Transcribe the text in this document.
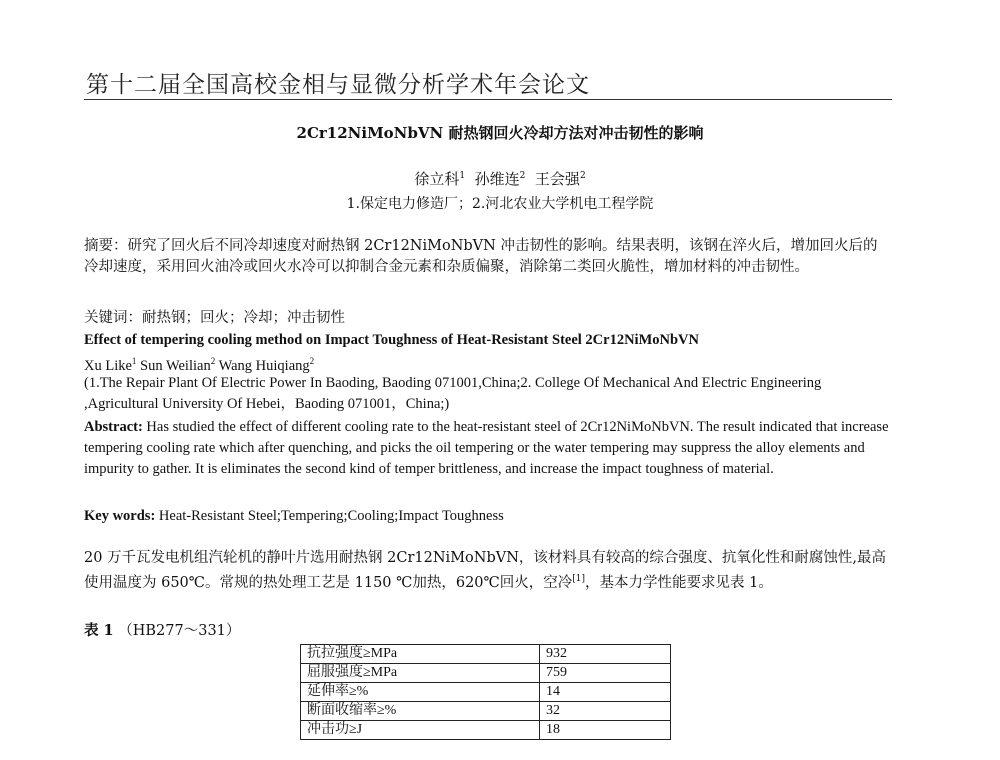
第十二届全国高校金相与显微分析学术年会论文
2Cr12NiMoNbVN 耐热钢回火冷却方法对冲击韧性的影响
徐立科$^1$ 孙维连$^2$ 王会强$^2$
1.保定电力修造厂；2.河北农业大学机电工程学院
摘要：研究了回火后不同冷却速度对耐热钢 2Cr12NiMoNbVN 冲击韧性的影响。结果表明，该钢在淬火后，增加回火后的冷却速度，采用回火油冷或回火水冷可以抑制合金元素和杂质偏聚，消除第二类回火脆性，增加材料的冲击韧性。
关键词：耐热钢；回火；冷却；冲击韧性
Effect of tempering cooling method on Impact Toughness of Heat-Resistant Steel 2Cr12NiMoNbVN
Xu Like$^1$ Sun Weilian$^2$ Wang Huiqiang$^2$
(1.The Repair Plant Of Electric Power In Baoding, Baoding 071001,China;2. College Of Mechanical And Electric Engineering ,Agricultural University Of Hebei，Baoding 071001，China;)
Abstract: Has studied the effect of different cooling rate to the heat-resistant steel of 2Cr12NiMoNbVN. The result indicated that increase tempering cooling rate which after quenching, and picks the oil tempering or the water tempering may suppress the alloy elements and impurity to gather. It is eliminates the second kind of temper brittleness, and increase the impact toughness of material.
Key words: Heat-Resistant Steel;Tempering;Cooling;Impact Toughness
20 万千瓦发电机组汽轮机的静叶片选用耐热钢 2Cr12NiMoNbVN，该材料具有较高的综合强度、抗氧化性和耐腐蚀性,最高使用温度为 650℃。常规的热处理工艺是 1150 ℃加热，620℃回火，空冷[1]，基本力学性能要求见表 1。
表 1 （HB277～331）
抗拉强度≥MPa	932
屈服强度≥MPa	759
延伸率≥%	14
断面收缩率≥%	32
冲击功≥J	18
